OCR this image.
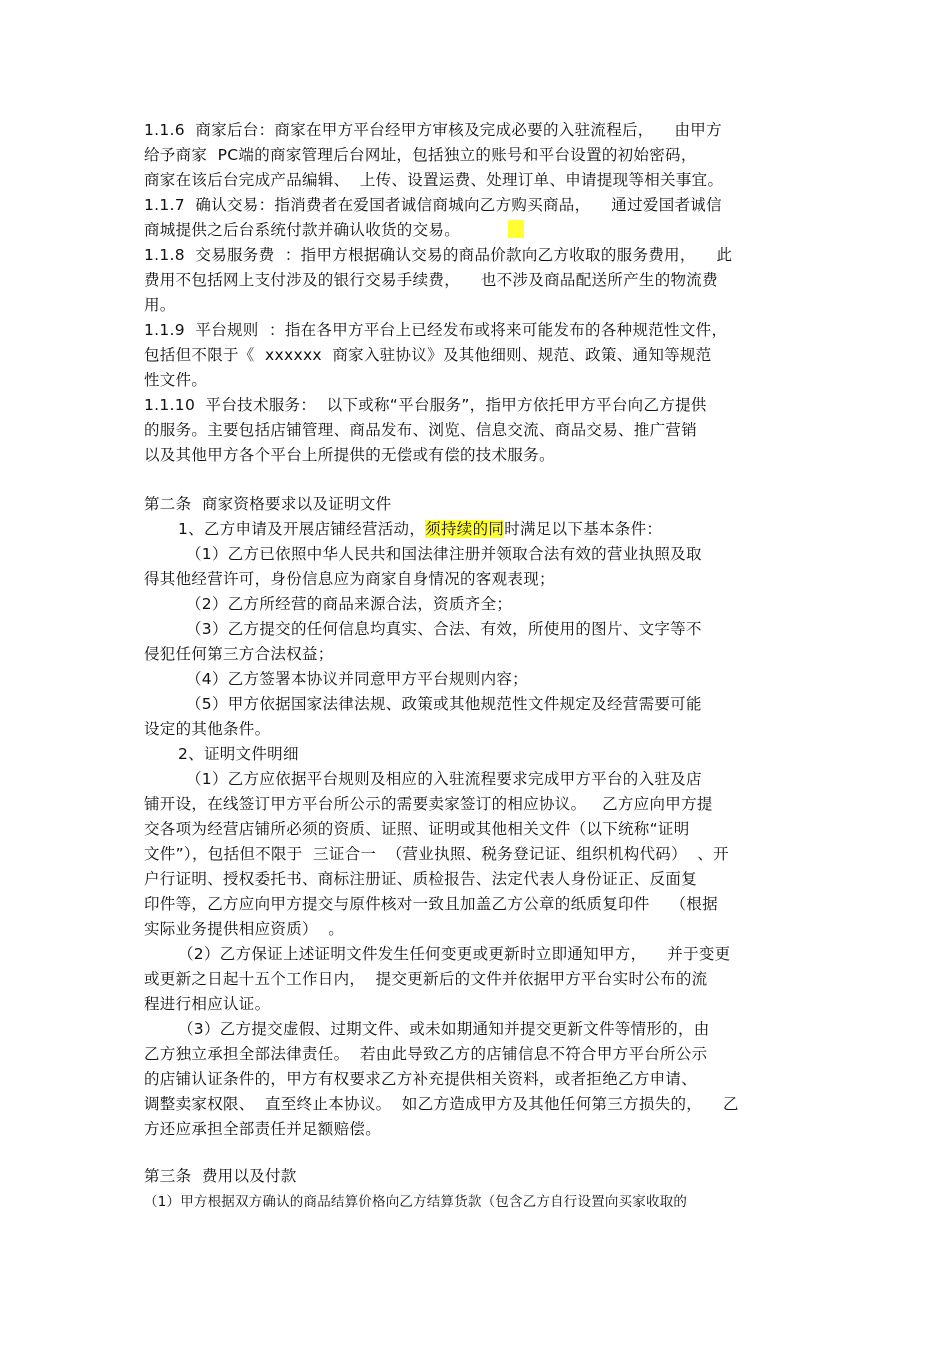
1.1.6  商家后台：商家在甲方平台经甲方审核及完成必要的入驻流程后，    由甲方
给予商家  PC端的商家管理后台网址，包括独立的账号和平台设置的初始密码，
商家在该后台完成产品编辑、  上传、设置运费、处理订单、申请提现等相关事宜。
1.1.7  确认交易：指消费者在爱国者诚信商城向乙方购买商品，    通过爱国者诚信
商城提供之后台系统付款并确认收货的交易。
1.1.8  交易服务费  ：指甲方根据确认交易的商品价款向乙方收取的服务费用，    此
费用不包括网上支付涉及的银行交易手续费，    也不涉及商品配送所产生的物流费
用。
1.1.9  平台规则  ：指在各甲方平台上已经发布或将来可能发布的各种规范性文件，
包括但不限于《  xxxxxx  商家入驻协议》及其他细则、规范、政策、通知等规范
性文件。
1.1.10  平台技术服务：  以下或称“平台服务”，指甲方依托甲方平台向乙方提供
的服务。主要包括店铺管理、商品发布、浏览、信息交流、商品交易、推广营销
以及其他甲方各个平台上所提供的无偿或有偿的技术服务。
第二条  商家资格要求以及证明文件
1、乙方申请及开展店铺经营活动，须持续的同时满足以下基本条件：
（1）乙方已依照中华人民共和国法律注册并领取合法有效的营业执照及取
得其他经营许可，身份信息应为商家自身情况的客观表现；
（2）乙方所经营的商品来源合法，资质齐全；
（3）乙方提交的任何信息均真实、合法、有效，所使用的图片、文字等不
侵犯任何第三方合法权益；
（4）乙方签署本协议并同意甲方平台规则内容；
（5）甲方依据国家法律法规、政策或其他规范性文件规定及经营需要可能
设定的其他条件。
2、证明文件明细
（1）乙方应依据平台规则及相应的入驻流程要求完成甲方平台的入驻及店
铺开设，在线签订甲方平台所公示的需要卖家签订的相应协议。   乙方应向甲方提
交各项为经营店铺所必须的资质、证照、证明或其他相关文件（以下统称“证明
文件”），包括但不限于  三证合一  （营业执照、税务登记证、组织机构代码）  、开
户行证明、授权委托书、商标注册证、质检报告、法定代表人身份证正、反面复
印件等，乙方应向甲方提交与原件核对一致且加盖乙方公章的纸质复印件    （根据
实际业务提供相应资质）  。
（2）乙方保证上述证明文件发生任何变更或更新时立即通知甲方，    并于变更
或更新之日起十五个工作日内，  提交更新后的文件并依据甲方平台实时公布的流
程进行相应认证。
（3）乙方提交虚假、过期文件、或未如期通知并提交更新文件等情形的，由
乙方独立承担全部法律责任。  若由此导致乙方的店铺信息不符合甲方平台所公示
的店铺认证条件的，甲方有权要求乙方补充提供相关资料，或者拒绝乙方申请、
调整卖家权限、  直至终止本协议。  如乙方造成甲方及其他任何第三方损失的，    乙
方还应承担全部责任并足额赔偿。
第三条  费用以及付款
（1）甲方根据双方确认的商品结算价格向乙方结算货款（包含乙方自行设置向买家收取的
